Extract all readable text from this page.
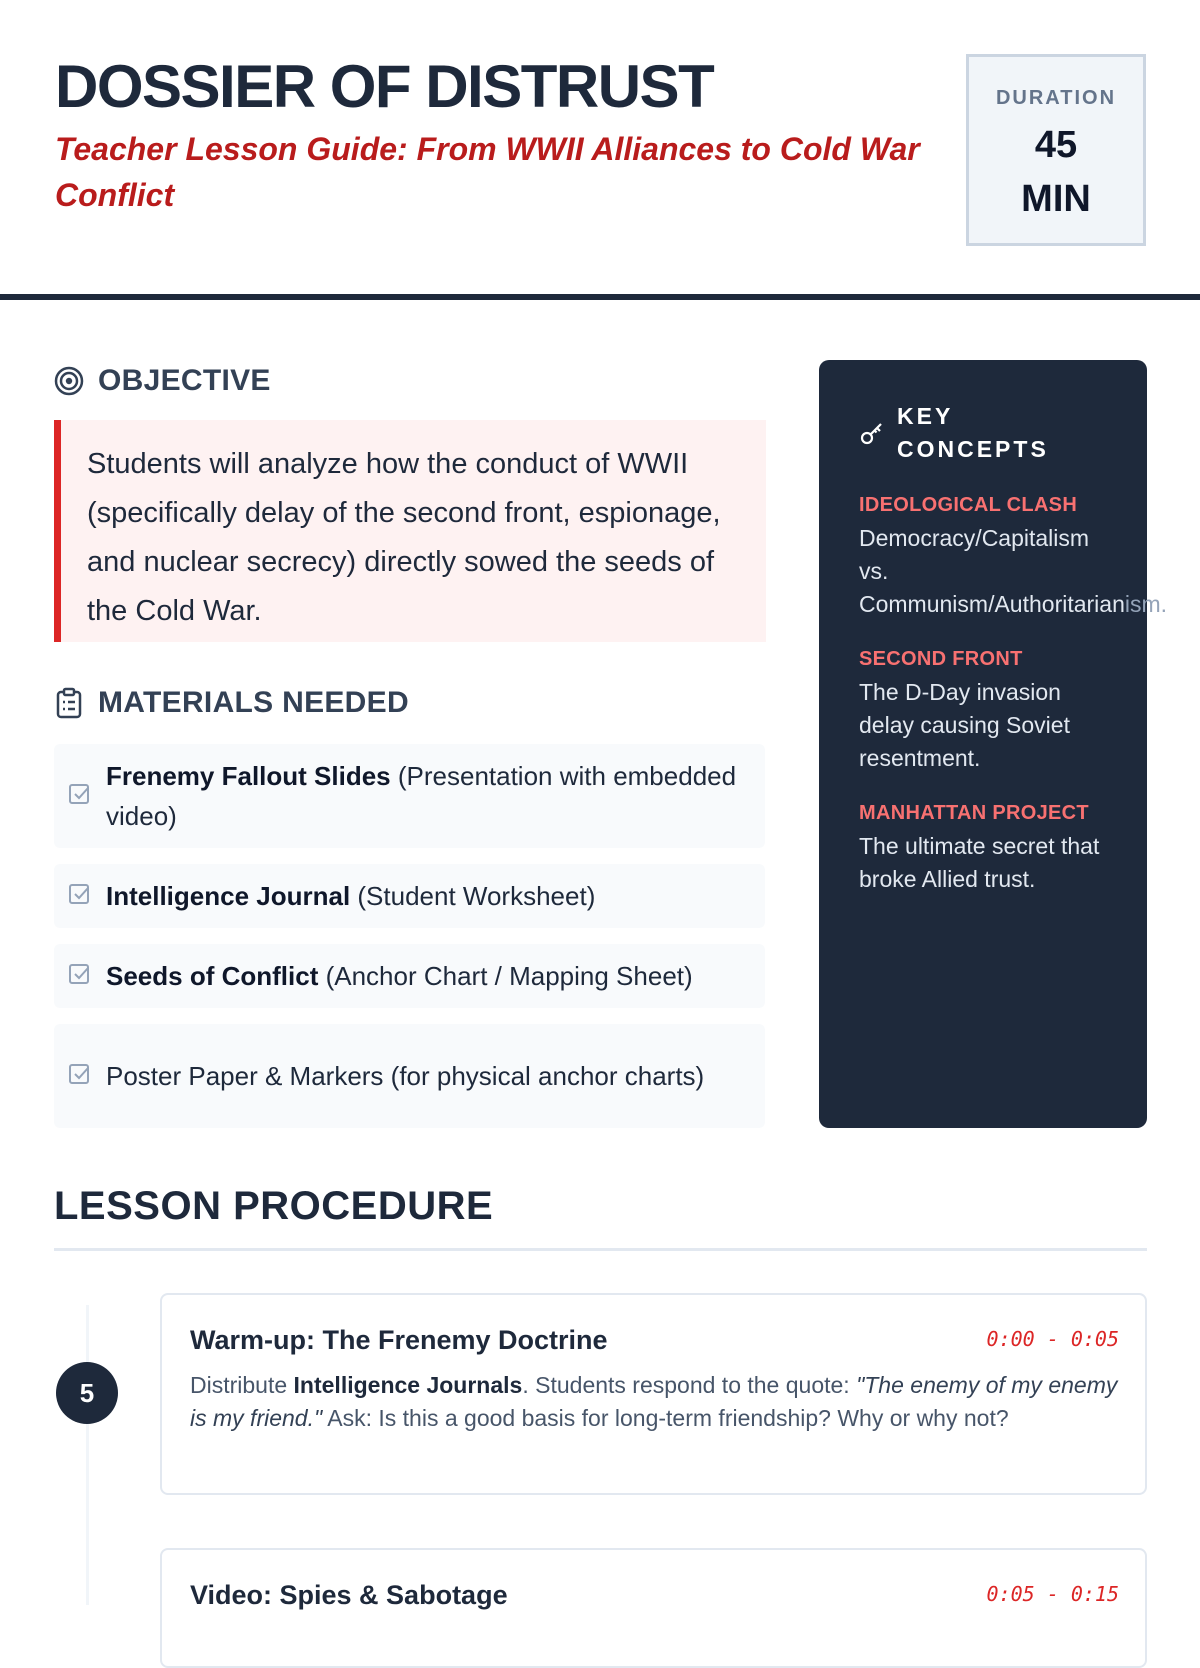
DOSSIER OF DISTRUST

Teacher Lesson Guide: From WWII Alliances to Cold War Conflict

DURATION
45 MIN
OBJECTIVE

Students will analyze how the conduct of WWII (specifically delay of the second front, espionage, and nuclear secrecy) directly sowed the seeds of the Cold War.

MATERIALS NEEDED
Frenemy Fallout Slides (Presentation with embedded video)
Intelligence Journal (Student Worksheet)
Seeds of Conflict (Anchor Chart / Mapping Sheet)
Poster Paper & Markers (for physical anchor charts)
KEY CONCEPTS
IDEOLOGICAL CLASH
Democracy/Capitalism
vs.
Communism/Authoritarianism.
SECOND FRONT
The D-Day invasion delay causing Soviet resentment.
MANHATTAN PROJECT
The ultimate secret that broke Allied trust.
LESSON PROCEDURE
5
Warm-up: The Frenemy Doctrine	0:00 - 0:05
Distribute Intelligence Journals. Students respond to the quote: "The enemy of my enemy is my friend." Ask: Is this a good basis for long-term friendship? Why or why not?
Video: Spies & Sabotage	0:05 - 0:15
